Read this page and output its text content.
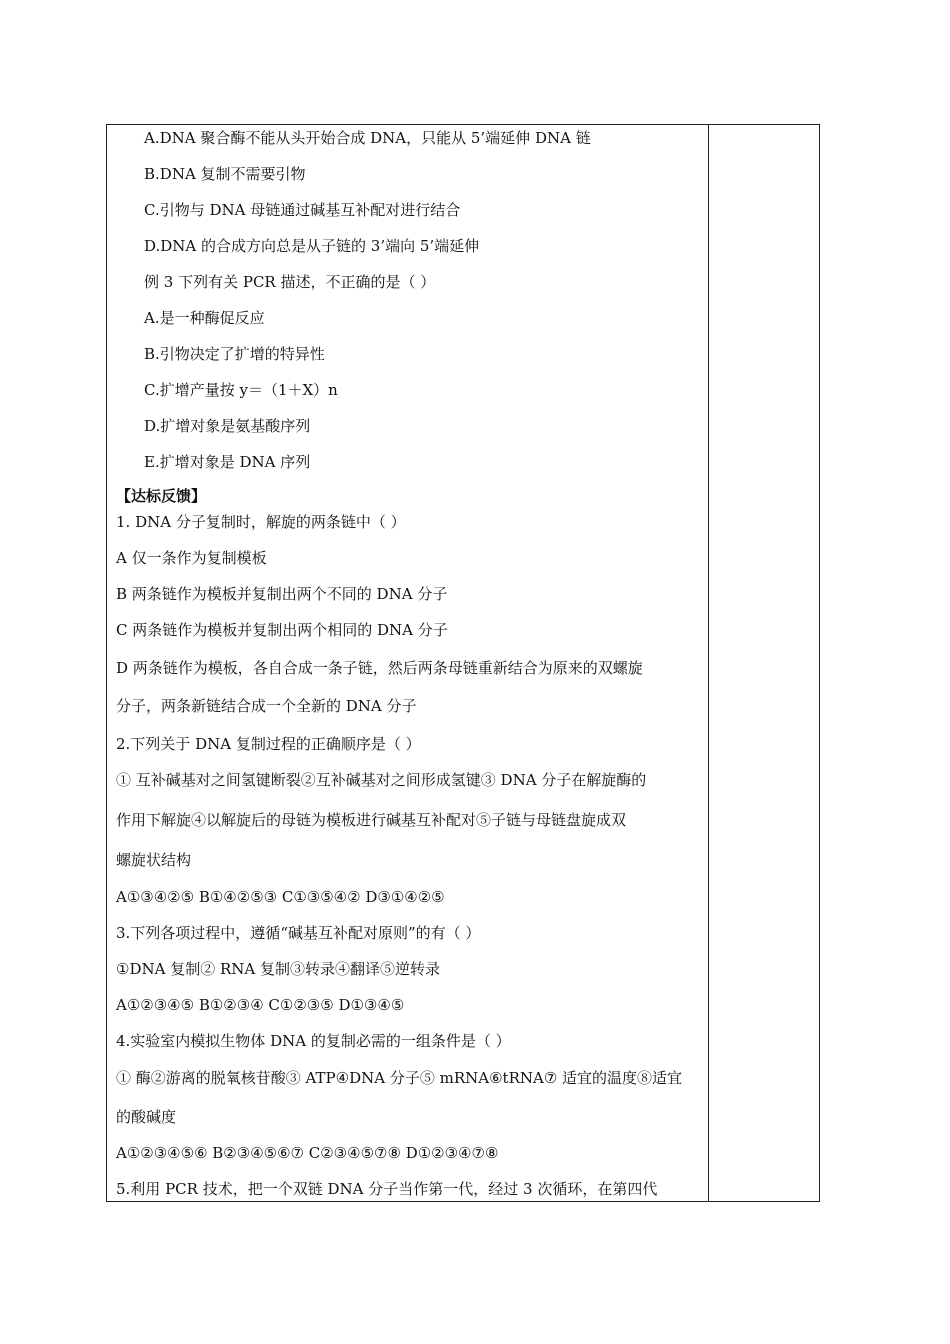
A.DNA 聚合酶不能从头开始合成 DNA，只能从 5’端延伸 DNA 链
B.DNA 复制不需要引物
C.引物与 DNA 母链通过碱基互补配对进行结合
D.DNA 的合成方向总是从子链的 3’端向 5’端延伸
例 3 下列有关 PCR 描述，不正确的是（ ）
A.是一种酶促反应
B.引物决定了扩增的特异性
C.扩增产量按 y＝（1＋X）n
D.扩增对象是氨基酸序列
E.扩增对象是 DNA 序列
【达标反馈】
1. DNA 分子复制时，解旋的两条链中（ ）
A 仅一条作为复制模板
B 两条链作为模板并复制出两个不同的 DNA 分子
C 两条链作为模板并复制出两个相同的 DNA 分子
D 两条链作为模板，各自合成一条子链，然后两条母链重新结合为原来的双螺旋
分子，两条新链结合成一个全新的 DNA 分子
2.下列关于 DNA 复制过程的正确顺序是（ ）
① 互补碱基对之间氢键断裂②互补碱基对之间形成氢键③ DNA 分子在解旋酶的
作用下解旋④以解旋后的母链为模板进行碱基互补配对⑤子链与母链盘旋成双
螺旋状结构
A①③④②⑤ B①④②⑤③ C①③⑤④② D③①④②⑤
3.下列各项过程中，遵循“碱基互补配对原则”的有（ ）
①DNA 复制② RNA 复制③转录④翻译⑤逆转录
A①②③④⑤ B①②③④ C①②③⑤ D①③④⑤
4.实验室内模拟生物体 DNA 的复制必需的一组条件是（ ）
① 酶②游离的脱氧核苷酸③ ATP④DNA 分子⑤ mRNA⑥tRNA⑦ 适宜的温度⑧适宜
的酸碱度
A①②③④⑤⑥ B②③④⑤⑥⑦ C②③④⑤⑦⑧ D①②③④⑦⑧
5.利用 PCR 技术，把一个双链 DNA 分子当作第一代，经过 3 次循环，在第四代
